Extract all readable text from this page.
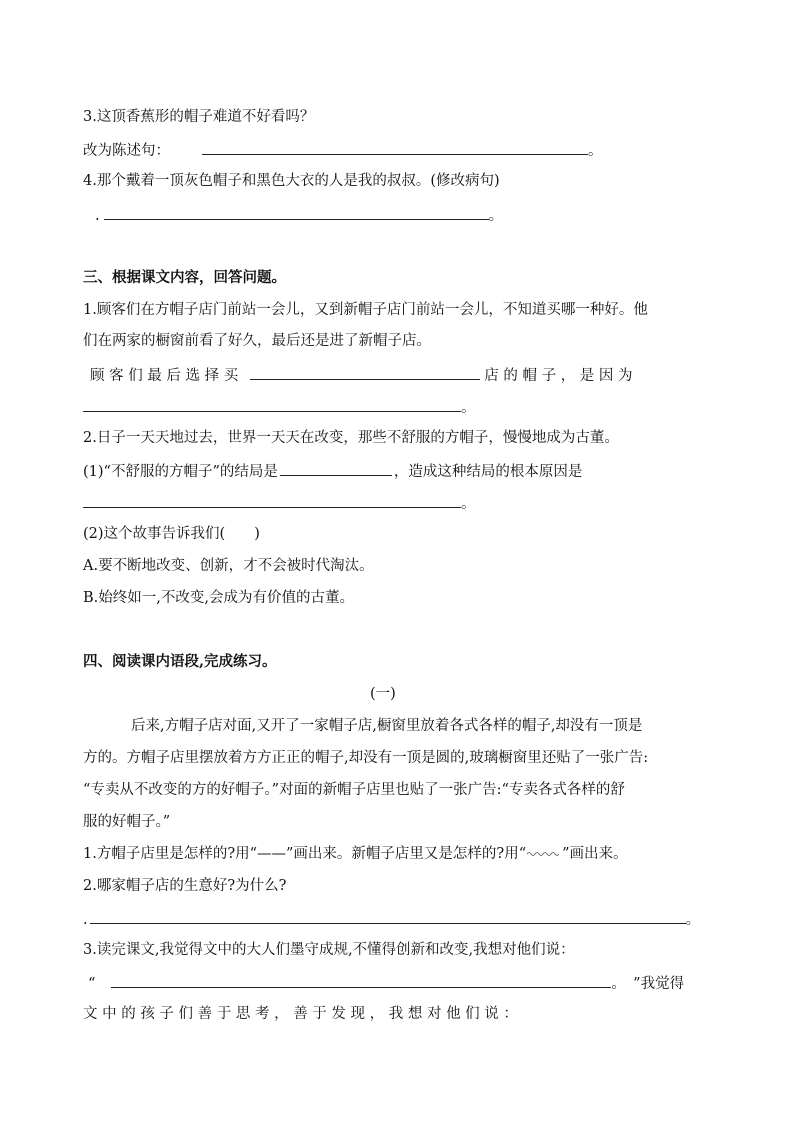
3.这顶香蕉形的帽子难道不好看吗？
改为陈述句：	。
4.那个戴着一顶灰色帽子和黑色大衣的人是我的叔叔。(修改病句)
.	。
三、根据课文内容，回答问题。
1.顾客们在方帽子店门前站一会儿，又到新帽子店门前站一会儿，不知道买哪一种好。他
们在两家的橱窗前看了好久，最后还是进了新帽子店。
顾 客 们 最 后 选 择 买	店 的 帽 子 ， 是 因 为
。
2.日子一天天地过去，世界一天天在改变，那些不舒服的方帽子，慢慢地成为古董。
(1)“不舒服的方帽子”的结局是	，造成这种结局的根本原因是
。
(2)这个故事告诉我们(　　)
A.要不断地改变、创新，才不会被时代淘汰。
B.始终如一,不改变,会成为有价值的古董。
四、阅读课内语段,完成练习。
(一)
后来,方帽子店对面,又开了一家帽子店,橱窗里放着各式各样的帽子,却没有一顶是
方的。方帽子店里摆放着方方正正的帽子,却没有一顶是圆的,玻璃橱窗里还贴了一张广告:
“专卖从不改变的方的好帽子。”对面的新帽子店里也贴了一张广告:“专卖各式各样的舒
服的好帽子。”
1.方帽子店里是怎样的?用“——”画出来。新帽子店里又是怎样的?用“ ”画出来。
2.哪家帽子店的生意好?为什么?
.	。
3.读完课文,我觉得文中的大人们墨守成规,不懂得创新和改变,我想对他们说：
“	。　”我觉得
文 中 的 孩 子 们 善 于 思 考 ， 善 于 发 现 ， 我 想 对 他 们 说 ：
